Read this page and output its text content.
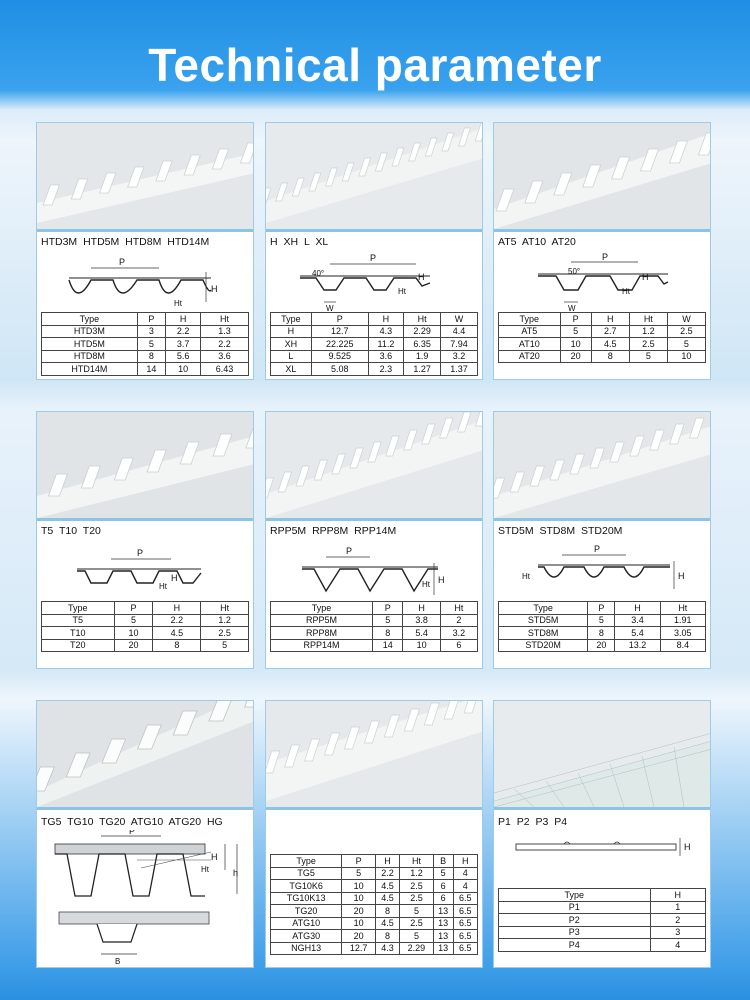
Technical parameter
HTD3M HTD5M HTD8M HTD14M
P
H
Ht
Type	P	H	Ht
HTD3M	3	2.2	1.3
HTD5M	5	3.7	2.2
HTD8M	8	5.6	3.6
HTD14M	14	10	6.43
H XH L XL
P
40°
W
H
Ht
Type	P	H	Ht	W
H	12.7	4.3	2.29	4.4
XH	22.225	11.2	6.35	7.94
L	9.525	3.6	1.9	3.2
XL	5.08	2.3	1.27	1.37
AT5 AT10 AT20
P
50°
W
H
Ht
Type	P	H	Ht	W
AT5	5	2.7	1.2	2.5
AT10	10	4.5	2.5	5
AT20	20	8	5	10
T5 T10 T20
P
H
Ht
Type	P	H	Ht
T5	5	2.2	1.2
T10	10	4.5	2.5
T20	20	8	5
RPP5M RPP8M RPP14M
P
H
Ht
Type	P	H	Ht
RPP5M	5	3.8	2
RPP8M	8	5.4	3.2
RPP14M	14	10	6
STD5M STD8M STD20M
P
H
Ht
Type	P	H	Ht
STD5M	5	3.4	1.91
STD8M	8	5.4	3.05
STD20M	20	13.2	8.4
TG5 TG10 TG20 ATG10 ATG20 HG
P
H
Ht	h
B
Type	P	H	Ht	B	H
TG5	5	2.2	1.2	5	4
TG10K6	10	4.5	2.5	6	4
TG10K13	10	4.5	2.5	6	6.5
TG20	20	8	5	13	6.5
ATG10	10	4.5	2.5	13	6.5
ATG30	20	8	5	13	6.5
NGH13	12.7	4.3	2.29	13	6.5
P1 P2 P3 P4
H
Type	H
P1	1
P2	2
P3	3
P4	4
